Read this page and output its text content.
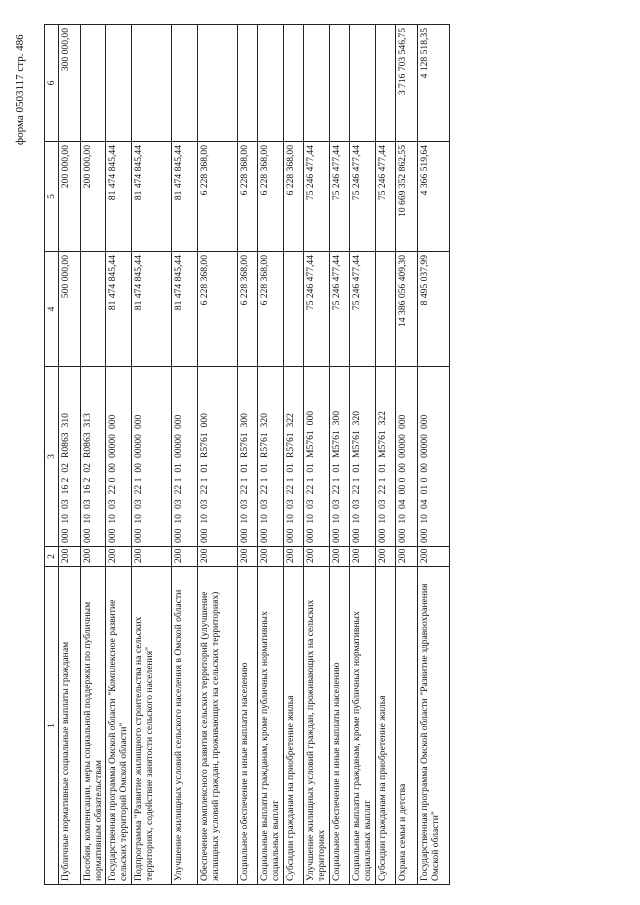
форма 0503117 стр. 486
1	2	3	4	5	6
Публичные нормативные социальные выплаты гражданам	200	000100316 202R0863310	500 000,00	200 000,00	300 000,00
Пособия, компенсации, меры социальной поддержки по публичным нормативным обязательствам	200	000100316 202R0863313		200 000,00	
Государственная программа Омской области "Комплексное развитие сельских территорий Омской области"	200	000100322 00000000000	81 474 845,44	81 474 845,44	
Подпрограмма "Развитие жилищного строительства на сельских территориях, содействие занятости сельского населения"	200	000100322 10000000000	81 474 845,44	81 474 845,44	
Улучшение жилищных условий сельского населения в Омской области	200	000100322 10100000000	81 474 845,44	81 474 845,44	
Обеспечение комплексного развития сельских территорий (улучшение жилищных условий граждан, проживающих на сельских территориях)	200	000100322 101R5761000	6 228 368,00	6 228 368,00	
Социальное обеспечение и иные выплаты населению	200	000100322 101R5761300	6 228 368,00	6 228 368,00	
Социальные выплаты гражданам, кроме публичных нормативных социальных выплат	200	000100322 101R5761320	6 228 368,00	6 228 368,00	
Субсидии гражданам на приобретение жилья	200	000100322 101R5761322		6 228 368,00	
Улучшение жилищных условий граждан, проживающих на сельских территориях	200	000100322 101M5761000	75 246 477,44	75 246 477,44	
Социальное обеспечение и иные выплаты населению	200	000100322 101M5761300	75 246 477,44	75 246 477,44	
Социальные выплаты гражданам, кроме публичных нормативных социальных выплат	200	000100322 101M5761320	75 246 477,44	75 246 477,44	
Субсидии гражданам на приобретение жилья	200	000100322 101M5761322		75 246 477,44	
Охрана семьи и детства	200	000100400 00000000000	14 386 056 409,30	10 669 352 862,55	3 716 703 546,75
Государственная программа Омской области "Развитие здравоохранения Омской области"	200	000100401 00000000000	8 495 037,99	4 366 519,64	4 128 518,35
